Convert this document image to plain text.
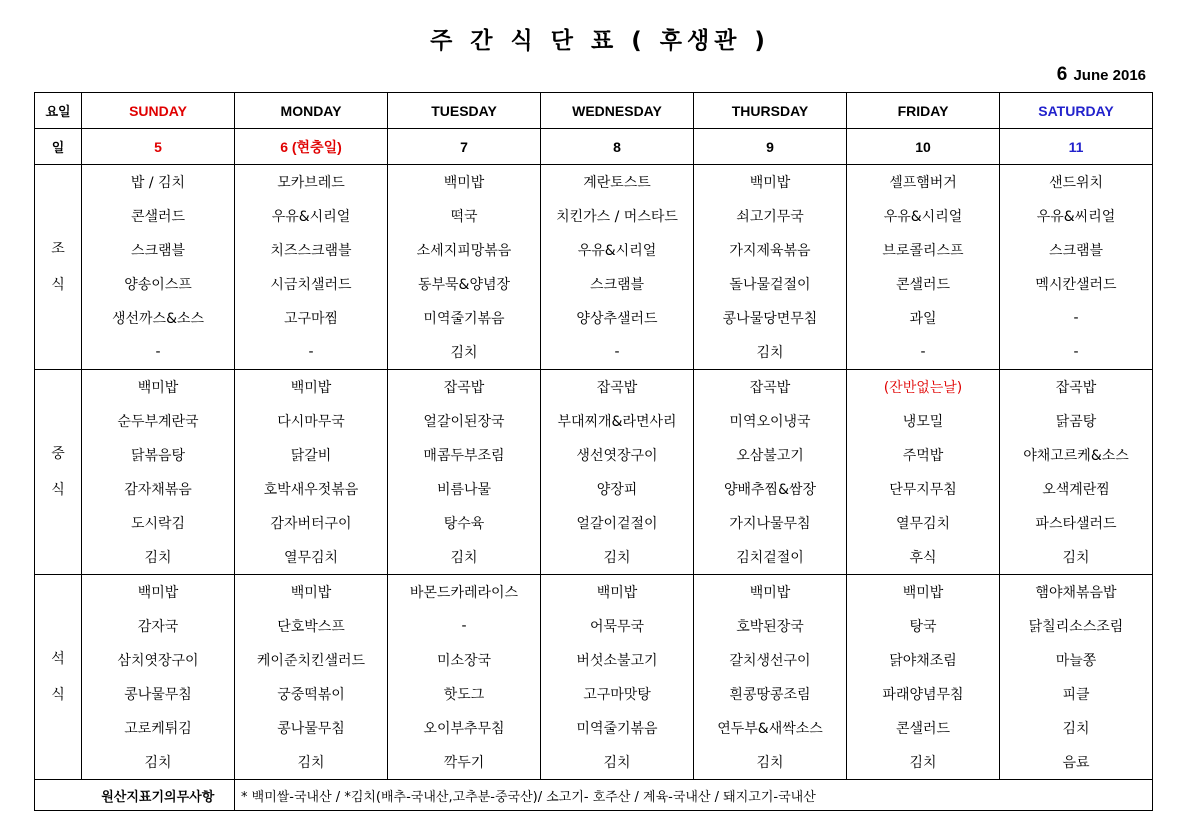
주 간 식 단 표 ( 후생관 )
6 June 2016
요일	SUNDAY	MONDAY	TUESDAY	WEDNESDAY	THURSDAY	FRIDAY	SATURDAY
일	5	6 (현충일)	7	8	9	10	11

조
식	밥 / 김치	모카브레드	백미밥	계란토스트	백미밥	셀프햄버거	샌드위치
	콘샐러드	우유&시리얼	떡국	치킨가스 / 머스타드	쇠고기무국	우유&시리얼	우유&씨리얼
	스크램블	치즈스크램블	소세지피망볶음	우유&시리얼	가지제육볶음	브로콜리스프	스크램블
	양송이스프	시금치샐러드	동부묵&양념장	스크램블	돌나물겉절이	콘샐러드	멕시칸샐러드
	생선까스&소스	고구마찜	미역줄기볶음	양상추샐러드	콩나물당면무침	과일	-
	-	-	김치	-	김치	-	-

중
식	백미밥	백미밥	잡곡밥	잡곡밥	잡곡밥	(잔반없는날)	잡곡밥
	순두부계란국	다시마무국	얼갈이된장국	부대찌개&라면사리	미역오이냉국	냉모밀	닭곰탕
	닭볶음탕	닭갈비	매콤두부조림	생선엿장구이	오삼불고기	주먹밥	야채고르케&소스
	감자채볶음	호박새우젓볶음	비름나물	양장피	양배추찜&쌈장	단무지무침	오색계란찜
	도시락김	감자버터구이	탕수육	얼갈이겉절이	가지나물무침	열무김치	파스타샐러드
	김치	열무김치	김치	김치	김치겉절이	후식	김치

석
식	백미밥	백미밥	바몬드카레라이스	백미밥	백미밥	백미밥	햄야채볶음밥
	감자국	단호박스프	-	어묵무국	호박된장국	탕국	닭칠리소스조림
	삼치엿장구이	케이준치킨샐러드	미소장국	버섯소불고기	갈치생선구이	닭야채조림	마늘쫑
	콩나물무침	궁중떡볶이	핫도그	고구마맛탕	흰콩땅콩조림	파래양념무침	피클
	고로케튀김	콩나물무침	오이부추무침	미역줄기볶음	연두부&새싹소스	콘샐러드	김치
	김치	김치	깍두기	김치	김치	김치	음료
	원산지표기의무사항	* 백미쌀-국내산 / *김치(배추-국내산,고추분-중국산)/ 소고기- 호주산 / 계육-국내산 / 돼지고기-국내산					
